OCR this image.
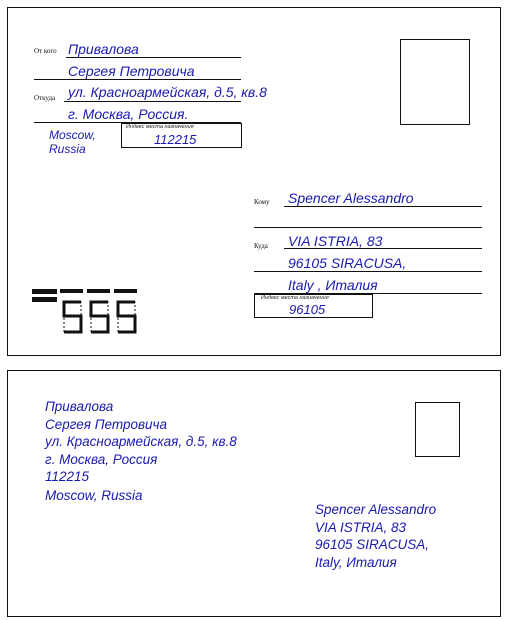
От кого Привалова
Сергея Петровича
Откуда ул. Красноармейская, д.5, кв.8
г. Москва, Россия.
Moscow,
Russia
Индекс места назначения
112215
Кому Spencer Alessandro
Куда VIA ISTRIA, 83
96105 SIRACUSA,
Italy , Италия
Индекс места назначения
96105
Привалова
Сергея Петровича
ул. Красноармейская, д.5, кв.8
г. Москва, Россия
112215
Moscow, Russia
Spencer Alessandro
VIA ISTRIA, 83
96105 SIRACUSA,
Italy, Италия
